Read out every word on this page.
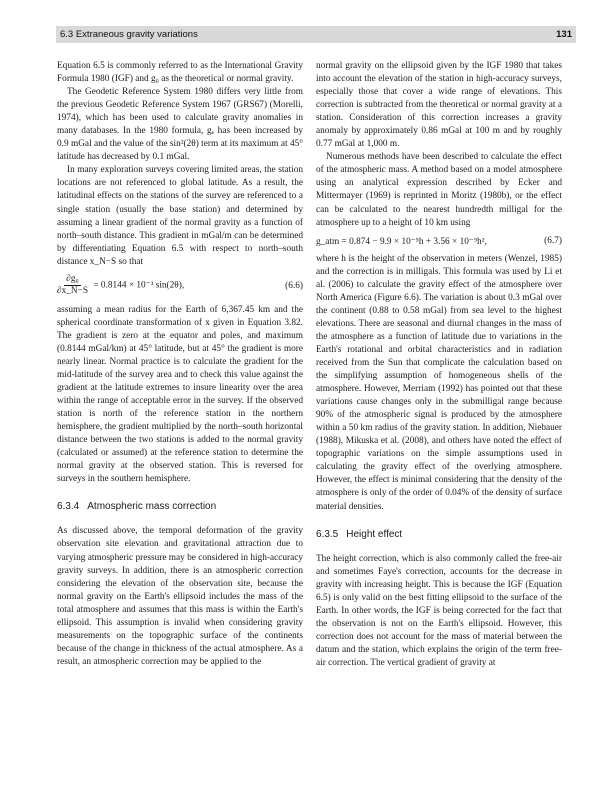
6.3 Extraneous gravity variations	131

Equation 6.5 is commonly referred to as the International Gravity Formula 1980 (IGF) and g₀ as the theoretical or normal gravity.

The Geodetic Reference System 1980 differs very little from the previous Geodetic Reference System 1967 (GRS67) (Morelli, 1974), which has been used to calculate gravity anomalies in many databases. In the 1980 formula, gₑ has been increased by 0.9 mGal and the value of the sin²(2θ) term at its maximum at 45° latitude has decreased by 0.1 mGal.

In many exploration surveys covering limited areas, the station locations are not referenced to global latitude. As a result, the latitudinal effects on the stations of the survey are referenced to a single station (usually the base station) and determined by assuming a linear gradient of the normal gravity as a function of north–south distance. This gradient in mGal/m can be determined by differentiating Equation 6.5 with respect to north–south distance x_N−S so that

$\frac{\text{∂g₀}}{\partial x\_N-S} = 0.8144 \times 10^{-3}$ sin(2θ),	(6.6)

assuming a mean radius for the Earth of 6,367.45 km and the spherical coordinate transformation of x given in Equation 3.82. The gradient is zero at the equator and poles, and maximum (0.8144 mGal/km) at 45° latitude, but at 45° the gradient is more nearly linear. Normal practice is to calculate the gradient for the mid-latitude of the survey area and to check this value against the gradient at the latitude extremes to insure linearity over the area within the range of acceptable error in the survey. If the observed station is north of the reference station in the northern hemisphere, the gradient multiplied by the north–south horizontal distance between the two stations is added to the normal gravity (calculated or assumed) at the reference station to determine the normal gravity at the observed station. This is reversed for surveys in the southern hemisphere.

6.3.4 Atmospheric mass correction

As discussed above, the temporal deformation of the gravity observation site elevation and gravitational attraction due to varying atmospheric pressure may be considered in high-accuracy gravity surveys. In addition, there is an atmospheric correction considering the elevation of the observation site, because the normal gravity on the Earth's ellipsoid includes the mass of the total atmosphere and assumes that this mass is within the Earth's ellipsoid. This assumption is invalid when considering gravity measurements on the topographic surface of the continents because of the change in thickness of the actual atmosphere. As a result, an atmospheric correction may be applied to the

normal gravity on the ellipsoid given by the IGF 1980 that takes into account the elevation of the station in high-accuracy surveys, especially those that cover a wide range of elevations. This correction is subtracted from the theoretical or normal gravity at a station. Consideration of this correction increases a gravity anomaly by approximately 0.86 mGal at 100 m and by roughly 0.77 mGal at 1,000 m.

Numerous methods have been described to calculate the effect of the atmospheric mass. A method based on a model atmosphere using an analytical expression described by Ecker and Mittermayer (1969) is reprinted in Moritz (1980b), or the effect can be calculated to the nearest hundredth milligal for the atmosphere up to a height of 10 km using

g_atm = 0.874 − 9.9 × 10⁻⁵h + 3.56 × 10⁻⁹h²,	(6.7)

where h is the height of the observation in meters (Wenzel, 1985) and the correction is in milligals. This formula was used by Li et al. (2006) to calculate the gravity effect of the atmosphere over North America (Figure 6.6). The variation is about 0.3 mGal over the continent (0.88 to 0.58 mGal) from sea level to the highest elevations. There are seasonal and diurnal changes in the mass of the atmosphere as a function of latitude due to variations in the Earth's rotational and orbital characteristics and in radiation received from the Sun that complicate the calculation based on the simplifying assumption of homogeneous shells of the atmosphere. However, Merriam (1992) has pointed out that these variations cause changes only in the submilligal range because 90% of the atmospheric signal is produced by the atmosphere within a 50 km radius of the gravity station. In addition, Niebauer (1988), Mikuska et al. (2008), and others have noted the effect of topographic variations on the simple assumptions used in calculating the gravity effect of the overlying atmosphere. However, the effect is minimal considering that the density of the atmosphere is only of the order of 0.04% of the density of surface material densities.

6.3.5 Height effect

The height correction, which is also commonly called the free-air and sometimes Faye's correction, accounts for the decrease in gravity with increasing height. This is because the IGF (Equation 6.5) is only valid on the best fitting ellipsoid to the surface of the Earth. In other words, the IGF is being corrected for the fact that the observation is not on the Earth's ellipsoid. However, this correction does not account for the mass of material between the datum and the station, which explains the origin of the term free-air correction. The vertical gradient of gravity at
